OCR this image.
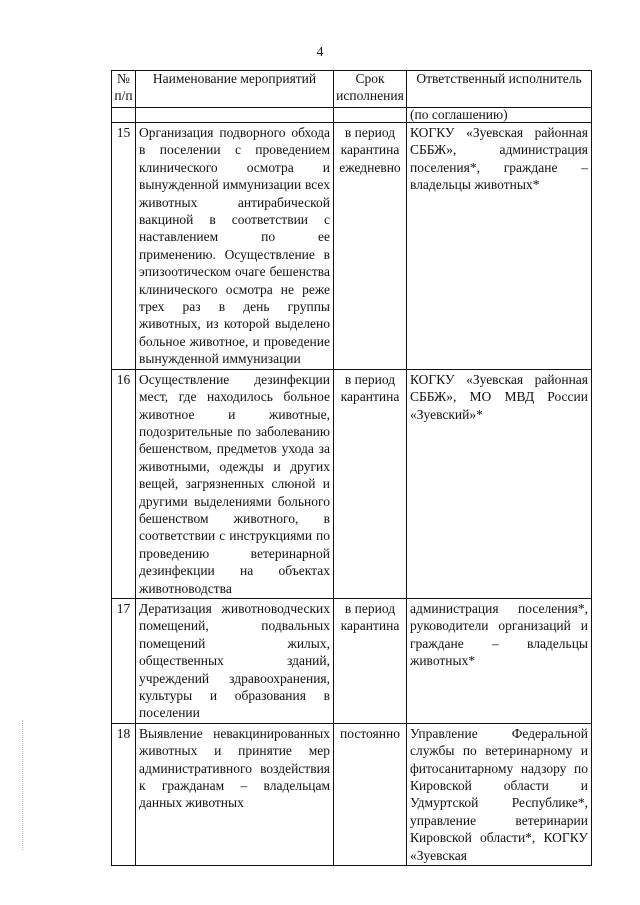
4
№ п/п	Наименование мероприятий	Срок исполнения	Ответственный исполнитель
			(по соглашению)
15	Организация подворного обхода в поселении с проведением клинического осмотра и вынужденной иммунизации всех животных антирабической вакциной в соответствии с наставлением по ее применению. Осуществление в эпизоотическом очаге бешенства клинического осмотра не реже трех раз в день группы животных, из которой выделено больное животное, и проведение вынужденной иммунизации	в период карантина ежедневно	КОГКУ «Зуевская районная СББЖ», администрация поселения*, граждане – владельцы животных*
16	Осуществление дезинфекции мест, где находилось больное животное и животные, подозрительные по заболеванию бешенством, предметов ухода за животными, одежды и других вещей, загрязненных слюной и другими выделениями больного бешенством животного, в соответствии с инструкциями по проведению ветеринарной дезинфекции на объектах животноводства	в период карантина	КОГКУ «Зуевская районная СББЖ», МО МВД России «Зуевский»*
17	Дератизация животноводческих помещений, подвальных помещений жилых, общественных зданий, учреждений здравоохранения, культуры и образования в поселении	в период карантина	администрация поселения*, руководители организаций и граждане – владельцы животных*
18	Выявление невакцинированных животных и принятие мер административного воздействия к гражданам – владельцам данных животных	постоянно	Управление Федеральной службы по ветеринарному и фитосанитарному надзору по Кировской области и Удмуртской Республике*, управление ветеринарии Кировской области*, КОГКУ «Зуевская
